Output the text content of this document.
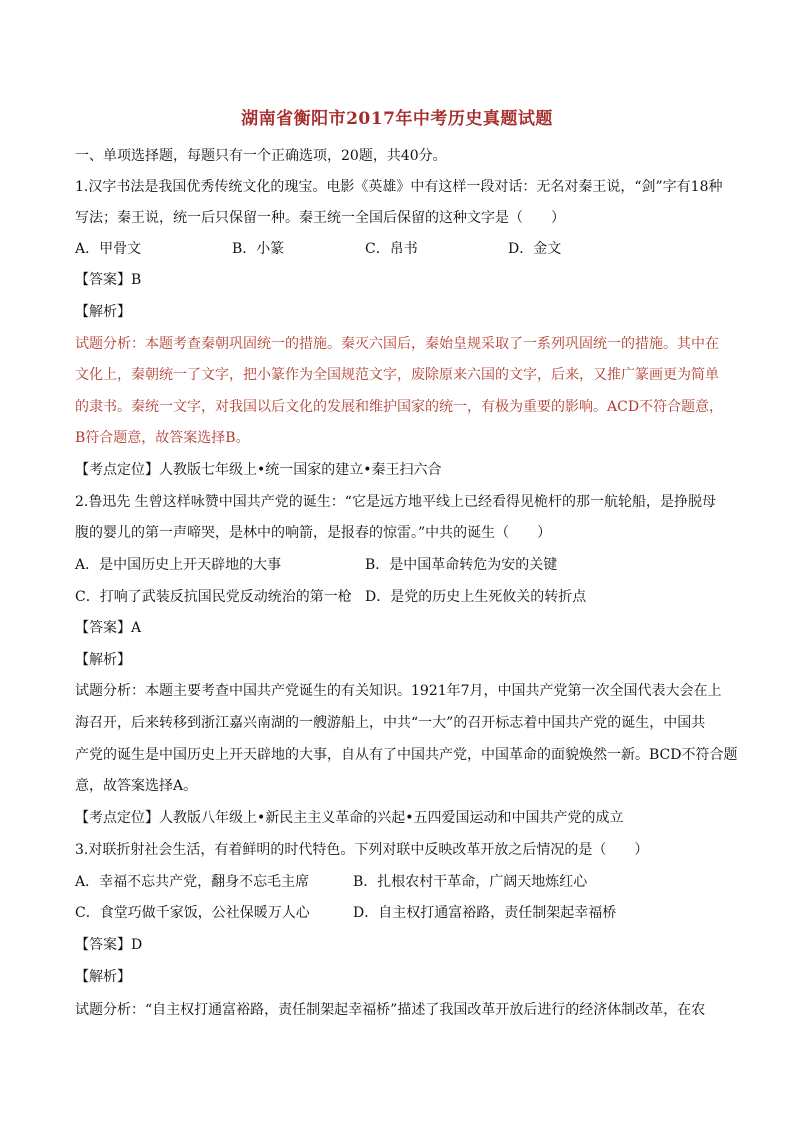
湖南省衡阳市2017年中考历史真题试题
一、单项选择题，每题只有一个正确选项，20题，共40分。
1.汉字书法是我国优秀传统文化的瑰宝。电影《英雄》中有这样一段对话：无名对秦王说，“剑”字有18种
写法；秦王说，统一后只保留一种。秦王统一全国后保留的这种文字是（　　）
A．甲骨文	B．小篆	C．帛书	D．金文
【答案】B
【解析】
试题分析：本题考查秦朝巩固统一的措施。秦灭六国后，秦始皇规采取了一系列巩固统一的措施。其中在
文化上，秦朝统一了文字，把小篆作为全国规范文字，废除原来六国的文字，后来，又推广篆画更为简单
的隶书。秦统一文字，对我国以后文化的发展和维护国家的统一，有极为重要的影响。ACD不符合题意，
B符合题意，故答案选择B。
【考点定位】人教版七年级上•统一国家的建立•秦王扫六合
2.鲁迅先 生曾这样咏赞中国共产党的诞生：“它是远方地平线上已经看得见桅杆的那一航轮船，是挣脱母
腹的婴儿的第一声啼哭，是林中的响箭，是报春的惊雷。”中共的诞生（　　）
A．是中国历史上开天辟地的大事	B．是中国革命转危为安的关键
C．打响了武装反抗国民党反动统治的第一枪 D．是党的历史上生死攸关的转折点
【答案】A
【解析】
试题分析：本题主要考查中国共产党诞生的有关知识。1921年7月，中国共产党第一次全国代表大会在上
海召开，后来转移到浙江嘉兴南湖的一艘游船上，中共“一大”的召开标志着中国共产党的诞生，中国共
产党的诞生是中国历史上开天辟地的大事，自从有了中国共产党，中国革命的面貌焕然一新。BCD不符合题
意，故答案选择A。
【考点定位】人教版八年级上•新民主主义革命的兴起•五四爱国运动和中国共产党的成立
3.对联折射社会生活，有着鲜明的时代特色。下列对联中反映改革开放之后情况的是（　　）
A．幸福不忘共产党，翻身不忘毛主席	B．扎根农村干革命，广阔天地炼红心
C．食堂巧做千家饭，公社保暖万人心	D．自主权打通富裕路，责任制架起幸福桥
【答案】D
【解析】
试题分析：“自主权打通富裕路，责任制架起幸福桥”描述了我国改革开放后进行的经济体制改革，在农
